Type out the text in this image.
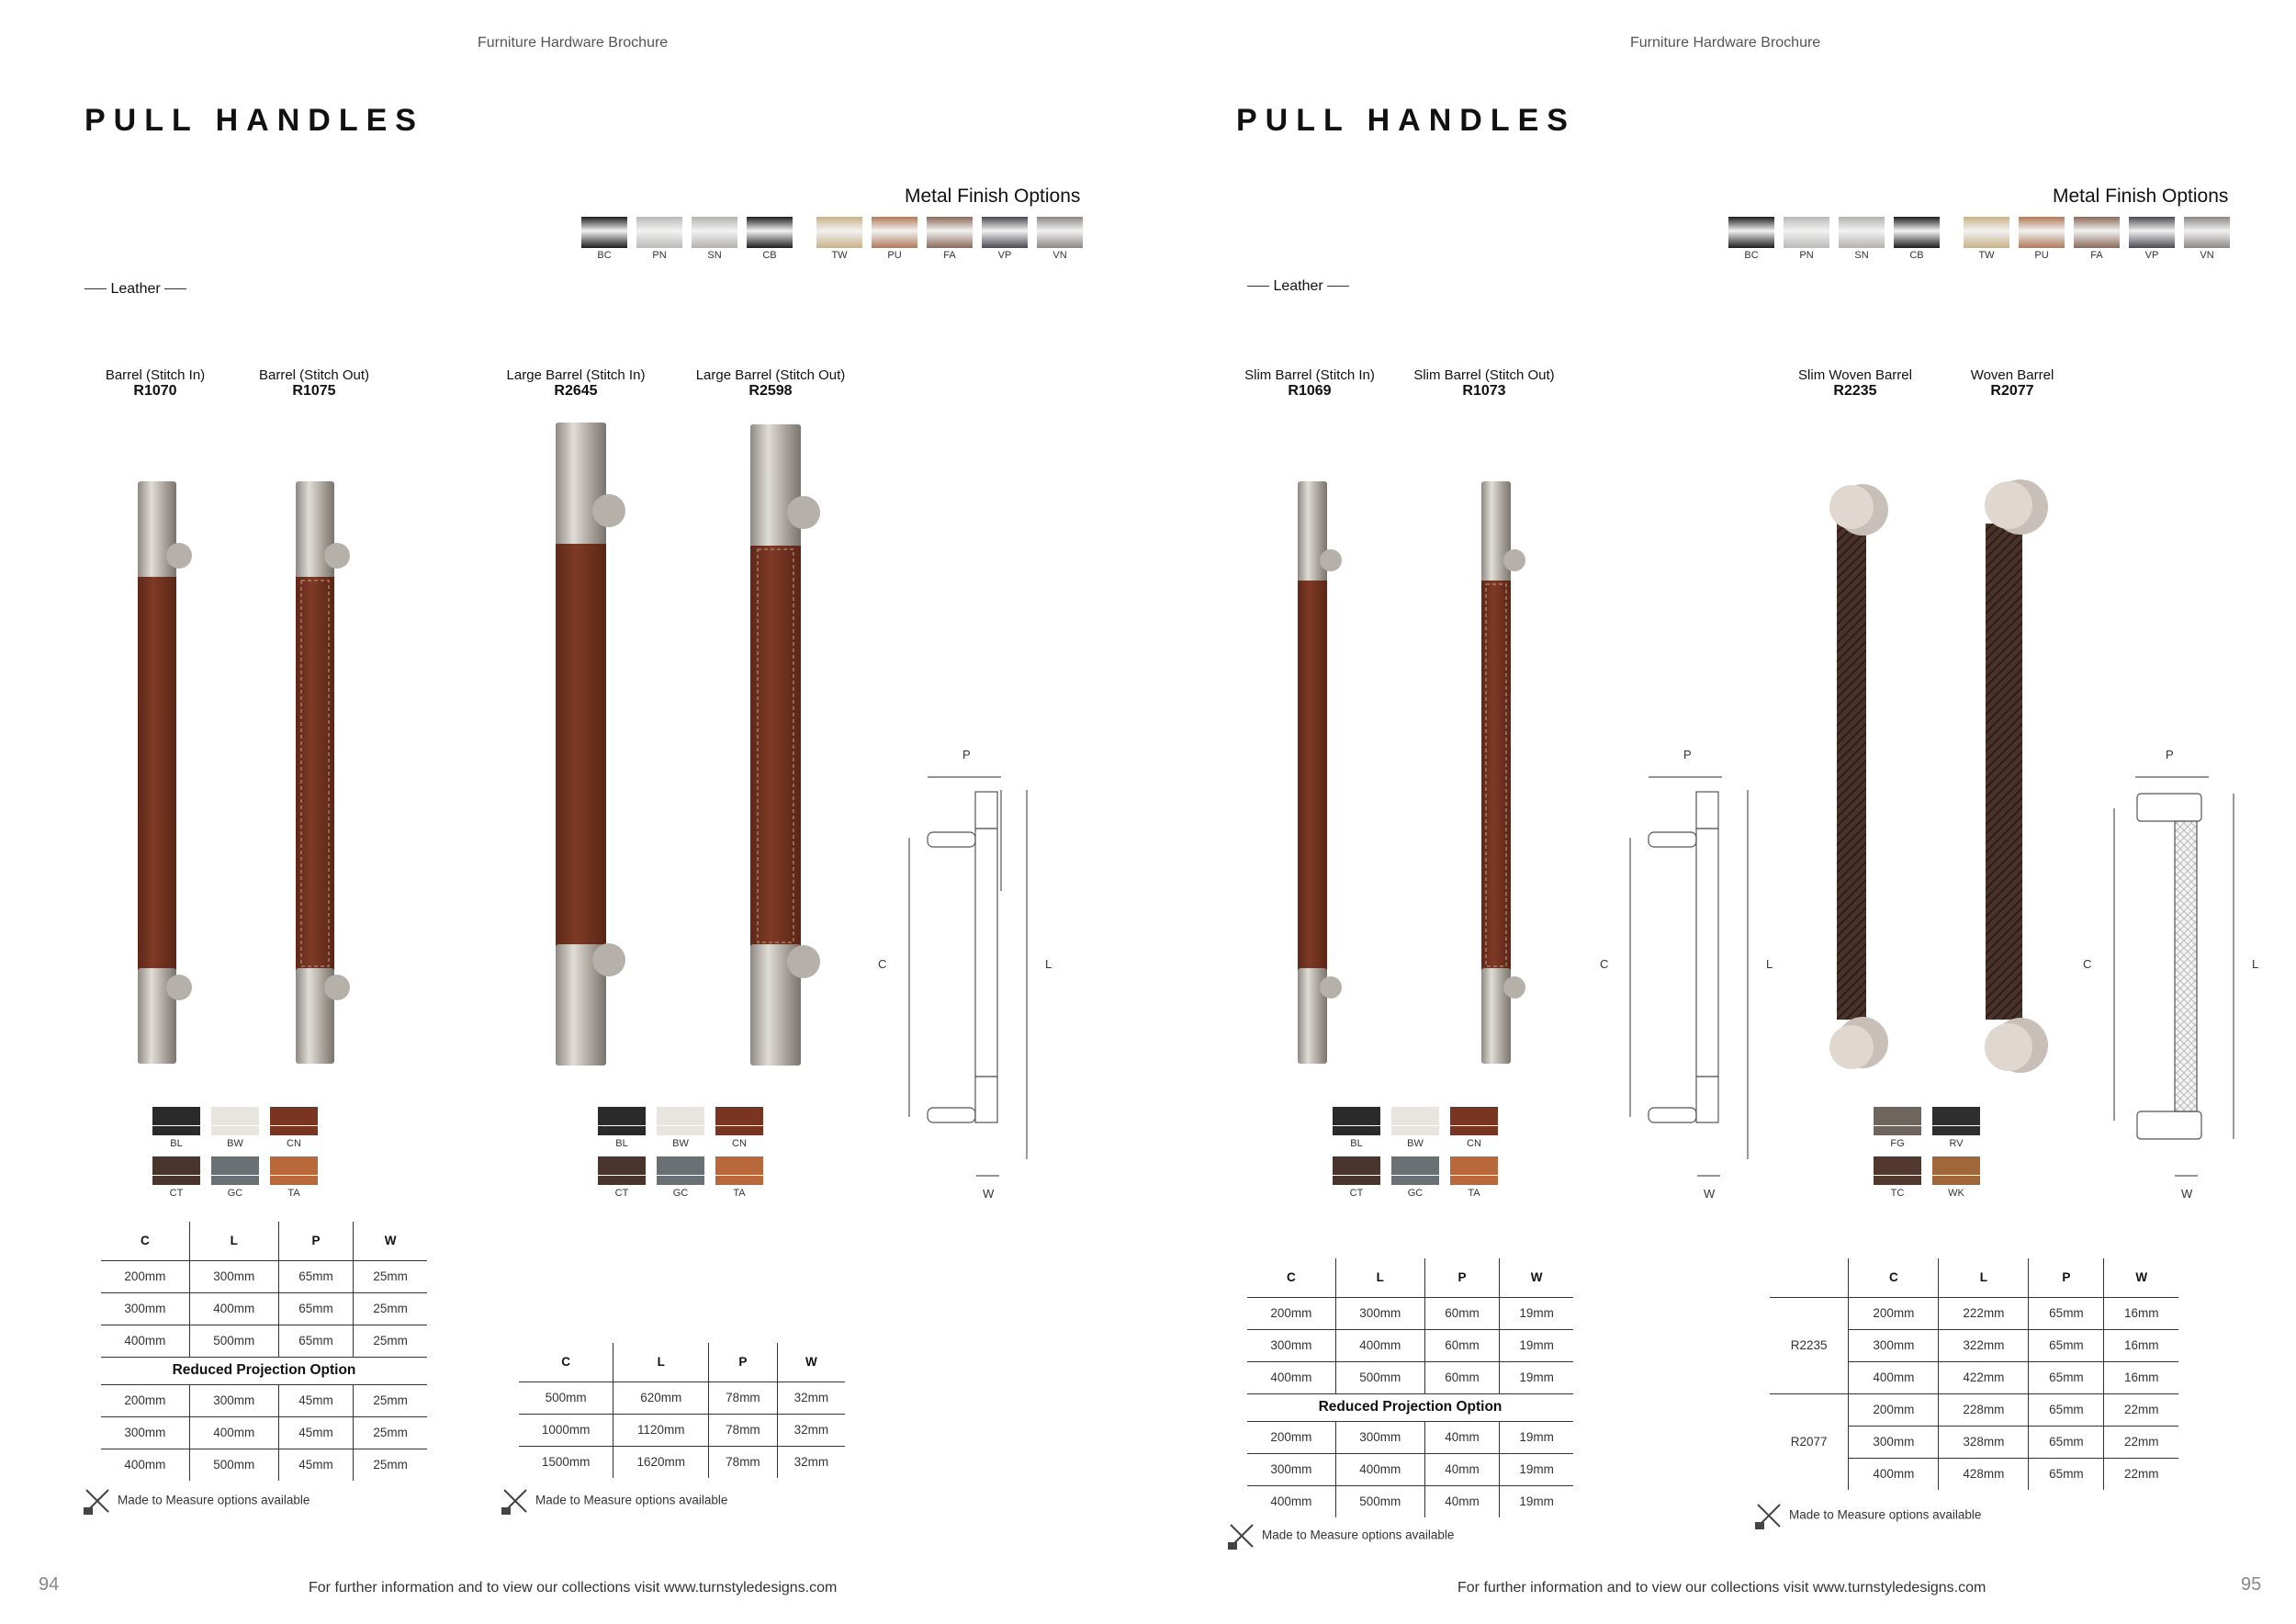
Furniture Hardware Brochure
PULL HANDLES
Metal Finish Options
BC	PN	SN	CB	TW	PU	FA	VP	VN
Leather
Barrel (Stitch In)
R1070
Barrel (Stitch Out)
R1075
Large Barrel (Stitch In)
R2645
Large Barrel (Stitch Out)
R2598
P
C	L
W
BL	BW	CN
CT	GC	TA
BL	BW	CN
CT	GC	TA
C	L	P	W
200mm	300mm	65mm	25mm
300mm	400mm	65mm	25mm
400mm	500mm	65mm	25mm
Reduced Projection Option			
200mm	300mm	45mm	25mm
300mm	400mm	45mm	25mm
400mm	500mm	45mm	25mm
C	L	P	W
500mm	620mm	78mm	32mm
1000mm	1120mm	78mm	32mm
1500mm	1620mm	78mm	32mm
Made to Measure options available	Made to Measure options available
94	For further information and to view our collections visit www.turnstyledesigns.com
Furniture Hardware Brochure
PULL HANDLES
Metal Finish Options
BC	PN	SN	CB	TW	PU	FA	VP	VN
Leather
Slim Barrel (Stitch In)
R1069
Slim Barrel (Stitch Out)
R1073
Slim Woven Barrel
R2235
Woven Barrel
R2077
P
C	L
W
P
C	L
W
BL	BW	CN
CT	GC	TA
FG	RV
TC	WK
C	L	P	W
200mm	300mm	60mm	19mm
300mm	400mm	60mm	19mm
400mm	500mm	60mm	19mm
Reduced Projection Option			
200mm	300mm	40mm	19mm
300mm	400mm	40mm	19mm
400mm	500mm	40mm	19mm
	C	L	P	W
R2235	200mm	222mm	65mm	16mm
	300mm	322mm	65mm	16mm
	400mm	422mm	65mm	16mm
R2077	200mm	228mm	65mm	22mm
	300mm	328mm	65mm	22mm
	400mm	428mm	65mm	22mm
Made to Measure options available
Made to Measure options available
For further information and to view our collections visit www.turnstyledesigns.com	95
